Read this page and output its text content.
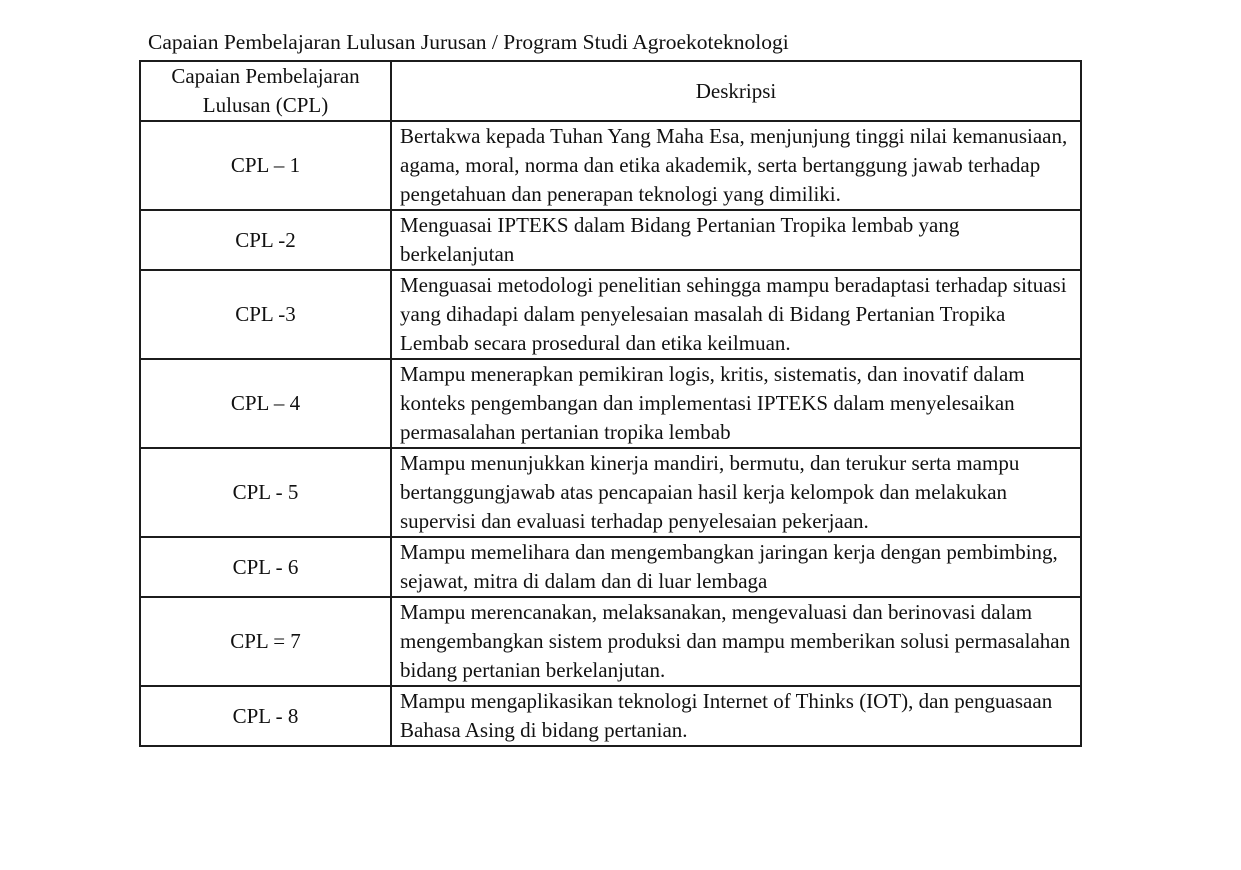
Capaian Pembelajaran Lulusan Jurusan / Program Studi Agroekoteknologi

Capaian Pembelajaran Lulusan (CPL)	Deskripsi
CPL – 1	Bertakwa kepada Tuhan Yang Maha Esa, menjunjung tinggi nilai kemanusiaan, agama, moral, norma dan etika akademik, serta bertanggung jawab terhadap pengetahuan dan penerapan teknologi yang dimiliki.
CPL -2	Menguasai IPTEKS dalam Bidang Pertanian Tropika lembab yang berkelanjutan
CPL -3	Menguasai metodologi penelitian sehingga mampu beradaptasi terhadap situasi yang dihadapi dalam penyelesaian masalah di Bidang Pertanian Tropika Lembab secara prosedural dan etika keilmuan.
CPL – 4	Mampu menerapkan pemikiran logis, kritis, sistematis, dan inovatif dalam konteks pengembangan dan implementasi IPTEKS dalam menyelesaikan permasalahan pertanian tropika lembab
CPL - 5	Mampu menunjukkan kinerja mandiri, bermutu, dan terukur serta mampu bertanggungjawab atas pencapaian hasil kerja kelompok dan melakukan supervisi dan evaluasi terhadap penyelesaian pekerjaan.
CPL - 6	Mampu memelihara dan mengembangkan jaringan kerja dengan pembimbing, sejawat, mitra di dalam dan di luar lembaga
CPL = 7	Mampu merencanakan, melaksanakan, mengevaluasi dan berinovasi dalam mengembangkan sistem produksi dan mampu memberikan solusi permasalahan bidang pertanian berkelanjutan.
CPL - 8	Mampu mengaplikasikan teknologi Internet of Thinks (IOT), dan penguasaan Bahasa Asing di bidang pertanian.
